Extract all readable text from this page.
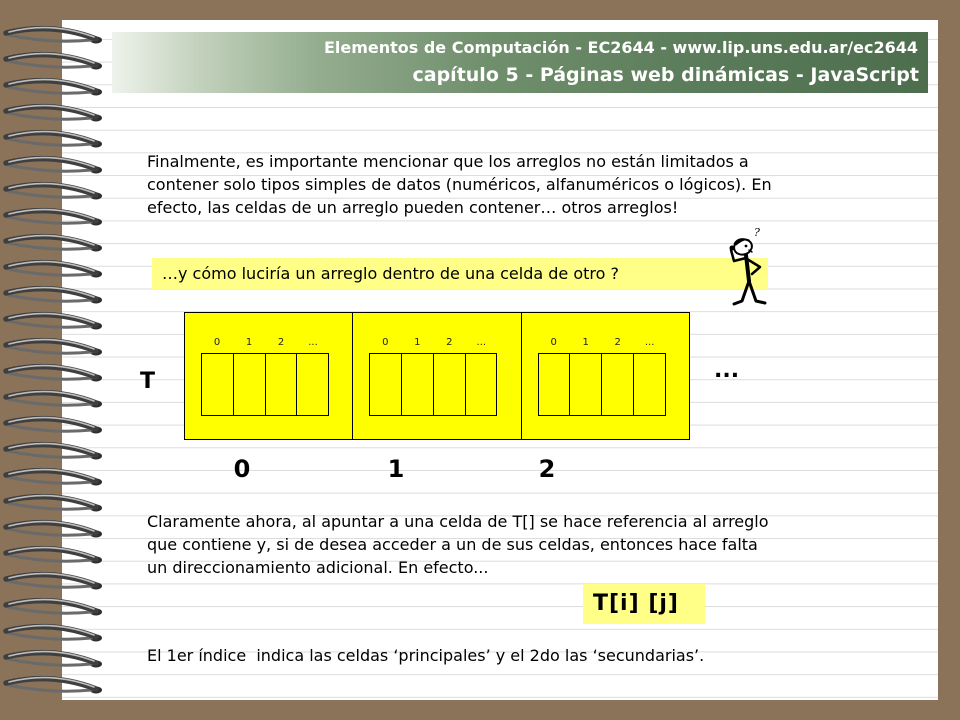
Elementos de Computación - EC2644 - www.lip.uns.edu.ar/ec2644
capítulo 5 - Páginas web dinámicas - JavaScript
Finalmente, es importante mencionar que los arreglos no están limitados a
contener solo tipos simples de datos (numéricos, alfanuméricos o lógicos). En
efecto, las celdas de un arreglo pueden contener… otros arreglos!
…y cómo luciría un arreglo dentro de una celda de otro ?
?
T
0	1	2	...	0	1	2	...	0	1	2	...
...
0	1	2
Claramente ahora, al apuntar a una celda de T[] se hace referencia al arreglo
que contiene y, si de desea acceder a un de sus celdas, entonces hace falta
un direccionamiento adicional. En efecto...
T[i] [j]
El 1er índice  indica las celdas ‘principales’ y el 2do las ‘secundarias’.
